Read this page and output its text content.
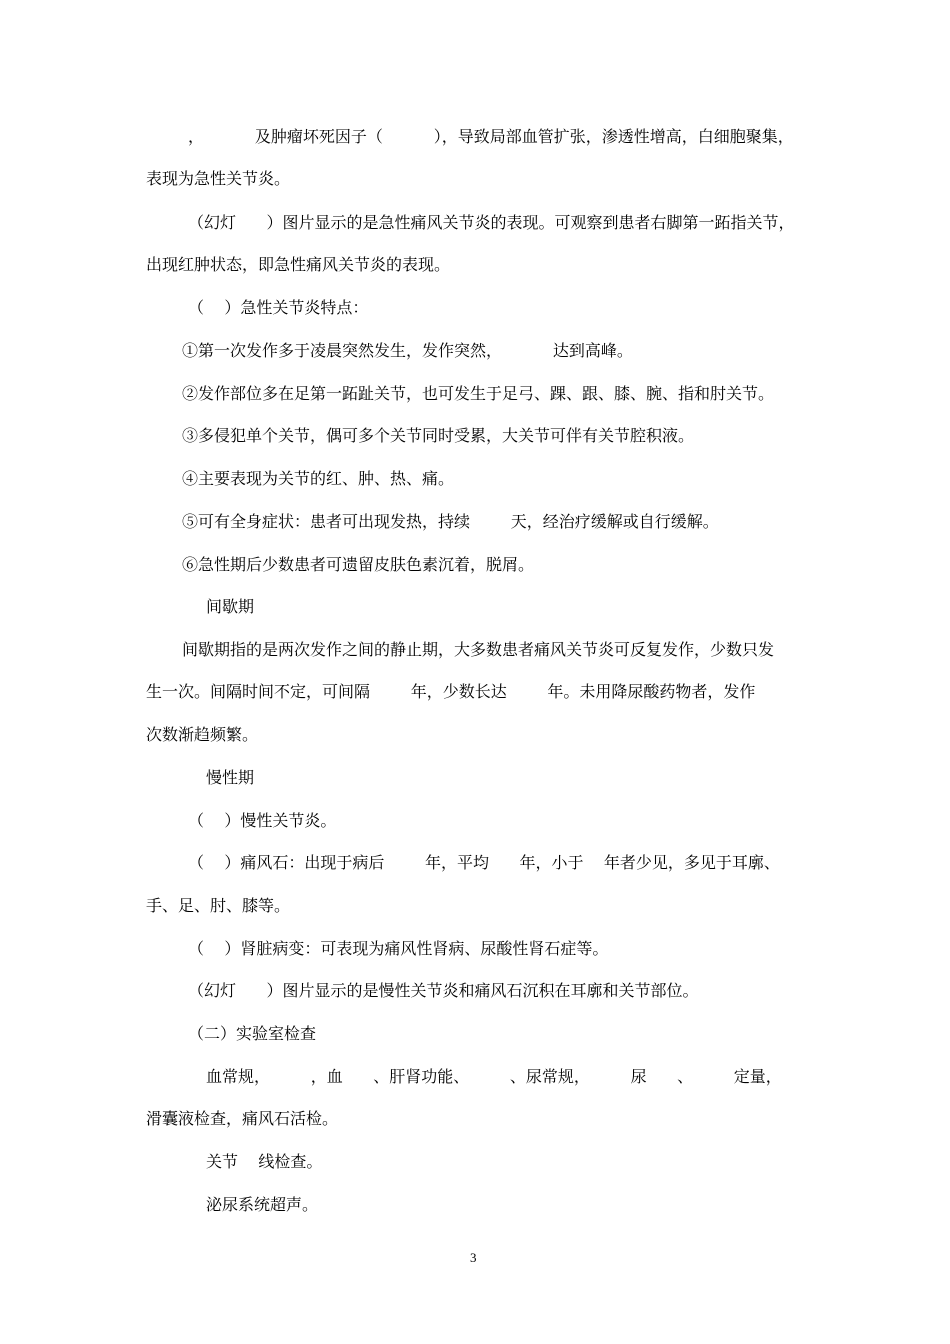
，          及肿瘤坏死因子（          ），导致局部血管扩张，渗透性增高，白细胞聚集，
表现为急性关节炎。
（幻灯      ）图片显示的是急性痛风关节炎的表现。可观察到患者右脚第一跖指关节，
出现红肿状态，即急性痛风关节炎的表现。
（    ）急性关节炎特点：
①第一次发作多于凌晨突然发生，发作突然，          达到高峰。
②发作部位多在足第一跖趾关节，也可发生于足弓、踝、跟、膝、腕、指和肘关节。
③多侵犯单个关节，偶可多个关节同时受累，大关节可伴有关节腔积液。
④主要表现为关节的红、肿、热、痛。
⑤可有全身症状：患者可出现发热，持续        天，经治疗缓解或自行缓解。
⑥急性期后少数患者可遗留皮肤色素沉着，脱屑。
间歇期
间歇期指的是两次发作之间的静止期，大多数患者痛风关节炎可反复发作，少数只发
生一次。间隔时间不定，可间隔        年，少数长达        年。未用降尿酸药物者，发作
次数渐趋频繁。
慢性期
（    ）慢性关节炎。
（    ）痛风石：出现于病后        年，平均      年，小于    年者少见，多见于耳廓、
手、足、肘、膝等。
（    ）肾脏病变：可表现为痛风性肾病、尿酸性肾石症等。
（幻灯      ）图片显示的是慢性关节炎和痛风石沉积在耳廓和关节部位。
（二）实验室检查
血常规，        ，血      、肝肾功能、        、尿常规，        尿      、        定量，
滑囊液检查，痛风石活检。
关节    线检查。
泌尿系统超声。
3
